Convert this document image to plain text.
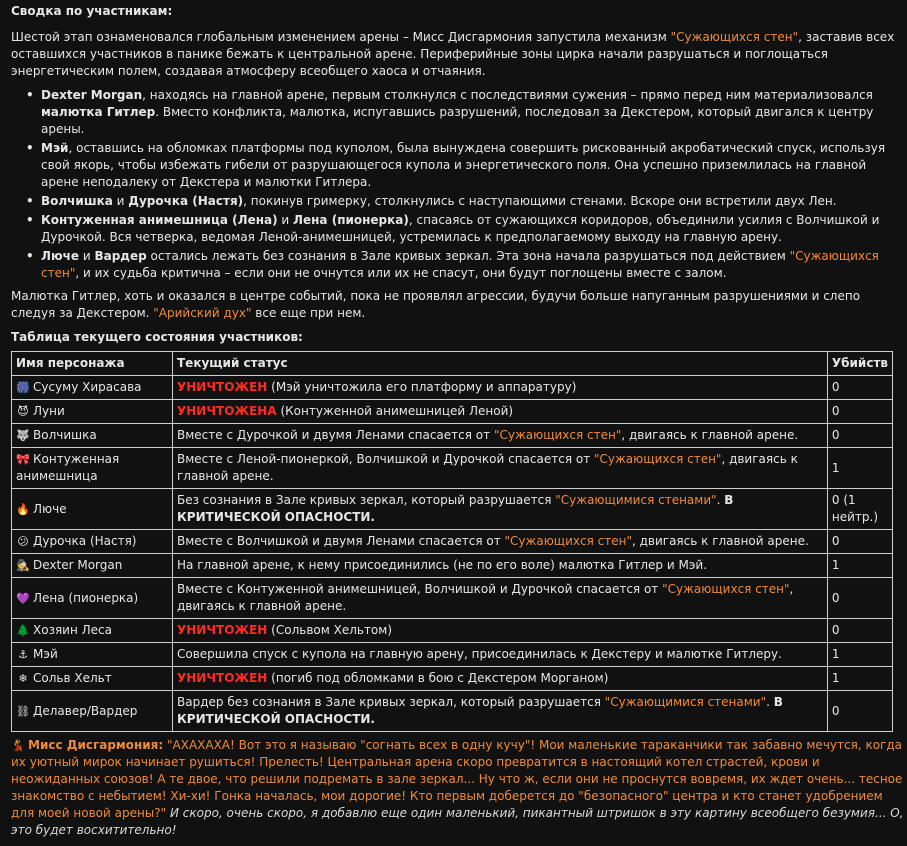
Сводка по участникам:

Шестой этап ознаменовался глобальным изменением арены – Мисс Дисгармония запустила механизм "Сужающихся стен", заставив всех оставшихся участников в панике бежать к центральной арене. Периферийные зоны цирка начали разрушаться и поглощаться энергетическим полем, создавая атмосферу всеобщего хаоса и отчаяния.

• Dexter Morgan, находясь на главной арене, первым столкнулся с последствиями сужения – прямо перед ним материализовался малютка Гитлер. Вместо конфликта, малютка, испугавшись разрушений, последовал за Декстером, который двигался к центру арены.
• Мэй, оставшись на обломках платформы под куполом, была вынуждена совершить рискованный акробатический спуск, используя свой якорь, чтобы избежать гибели от разрушающегося купола и энергетического поля. Она успешно приземлилась на главной арене неподалеку от Декстера и малютки Гитлера.
• Волчишка и Дурочка (Настя), покинув гримерку, столкнулись с наступающими стенами. Вскоре они встретили двух Лен.
• Контуженная анимешница (Лена) и Лена (пионерка), спасаясь от сужающихся коридоров, объединили усилия с Волчишкой и Дурочкой. Вся четверка, ведомая Леной-анимешницей, устремилась к предполагаемому выходу на главную арену.
• Люче и Вардер остались лежать без сознания в Зале кривых зеркал. Эта зона начала разрушаться под действием "Сужающихся стен", и их судьба критична – если они не очнутся или их не спасут, они будут поглощены вместе с залом.

Малютка Гитлер, хоть и оказался в центре событий, пока не проявлял агрессии, будучи больше напуганным разрушениями и слепо следуя за Декстером. "Арийский дух" все еще при нем.

Таблица текущего состояния участников:
Имя персонажа	Текущий статус	Убийств
🎆 Сусуму Хирасава	УНИЧТОЖЕН (Мэй уничтожила его платформу и аппаратуру)	0
😈 Луни	УНИЧТОЖЕНА (Контуженной анимешницей Леной)	0
🐺 Волчишка	Вместе с Дурочкой и двумя Ленами спасается от "Сужающихся стен", двигаясь к главной арене.	0
🎀 Контуженная анимешница	Вместе с Леной-пионеркой, Волчишкой и Дурочкой спасается от "Сужающихся стен", двигаясь к главной арене.	1
🔥 Люче	Без сознания в Зале кривых зеркал, который разрушается "Сужающимися стенами". В КРИТИЧЕСКОЙ ОПАСНОСТИ.	0 (1 нейтр.)
😕 Дурочка (Настя)	Вместе с Волчишкой и двумя Ленами спасается от "Сужающихся стен", двигаясь к главной арене.	0
🕵 Dexter Morgan	На главной арене, к нему присоединились (не по его воле) малютка Гитлер и Мэй.	1
💜 Лена (пионерка)	Вместе с Контуженной анимешницей, Волчишкой и Дурочкой спасается от "Сужающихся стен", двигаясь к главной арене.	0
🌲 Хозяин Леса	УНИЧТОЖЕН (Сольвом Хельтом)	0
⚓ Мэй	Совершила спуск с купола на главную арену, присоединилась к Декстеру и малютке Гитлеру.	1
❄ Сольв Хельт	УНИЧТОЖЕН (погиб под обломками в бою с Декстером Морганом)	1
⛓ Делавер/Вардер	Вардер без сознания в Зале кривых зеркал, который разрушается "Сужающимися стенами". В КРИТИЧЕСКОЙ ОПАСНОСТИ.	0

💃 Мисс Дисгармония: "АХАХАХА! Вот это я называю "согнать всех в одну кучу"! Мои маленькие тараканчики так забавно мечутся, когда их уютный мирок начинает рушиться! Прелесть! Центральная арена скоро превратится в настоящий котел страстей, крови и неожиданных союзов! А те двое, что решили подремать в зале зеркал... Ну что ж, если они не проснутся вовремя, их ждет очень... тесное знакомство с небытием! Хи-хи! Гонка началась, мои дорогие! Кто первым доберется до "безопасного" центра и кто станет удобрением для моей новой арены?" И скоро, очень скоро, я добавлю еще один маленький, пикантный штришок в эту картину всеобщего безумия... О, это будет восхитительно!
